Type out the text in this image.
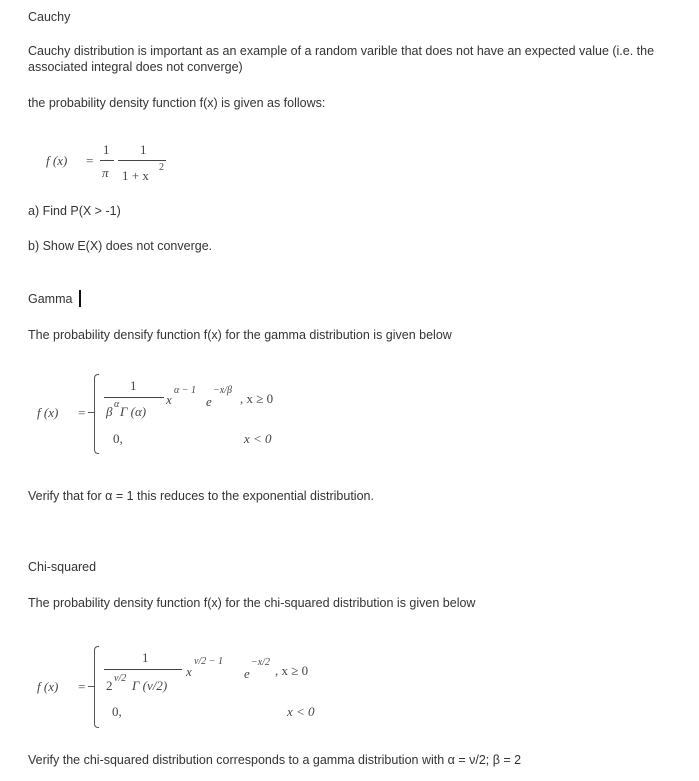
Cauchy
Cauchy distribution is important as an example of a random varible that does not have an expected value (i.e. the associated integral does not converge)
the probability density function f(x) is given as follows:
f (x) =
1
π
1
1 + x
2
a) Find P(X > -1)
b) Show E(X) does not converge.
Gamma
The probability densify function f(x) for the gamma distribution is given below
f (x) =
1
β α Γ (α)
x
α − 1
e
−x/β
, x ≥ 0
0,	x < 0
Verify that for α = 1 this reduces to the exponential distribution.
Chi-squared
The probability density function f(x) for the chi-squared distribution is given below
f (x) =
1
2 ν/2 Γ (ν/2)
x
ν/2 − 1
e
−x/2
, x ≥ 0
0,	x < 0
Verify the chi-squared distribution corresponds to a gamma distribution with α = ν/2; β = 2
